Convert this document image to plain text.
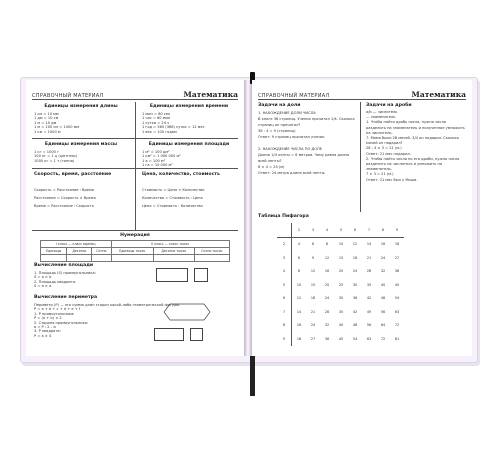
СПРАВОЧНЫЙ МАТЕРИАЛ	Математика
Единицы измерения длины
1 см = 10 мм
1 дм = 10 см
1 м = 10 дм
1 м = 100 см = 1000 мм
1 км = 1000 м
Единицы измерения времени
1 мин = 60 сек
1 час = 60 мин
1 сутки = 24 ч
1 год = 365 (366) суток = 12 мес
1 век = 100 годам
Единицы измерения массы
1 кг = 1000 г
100 кг = 1 ц (центнер)
1000 кг = 1 т (тонна)
Единицы измерения площади
1 м² = 100 дм²
1 км² = 1 000 000 м²
1 а = 100 м²
1 га = 10 000 м²
Скорость, время, расстояние
Скорость = Расстояние : Время
Расстояние = Скорость × Время
Время = Расстояние : Скорость
Цена, количество, стоимость
Стоимость = Цена × Количество
Количество = Стоимость : Цена
Цена = Стоимость : Количество
Нумерация
I класс — класс единиц			II класс — класс тысяч		
Единицы	Десятки	Сотни	Единицы тысяч	Десятки тысяч	Сотни тысяч

Вычисление площади
1. Площадь (S) прямоугольника:
S = a × b
2. Площадь квадрата:
S = a × a
Вычисление периметра
Периметр (P) — это сумма длин сторон какой-либо геометрической фигуры.
P = a + b + c + d + e + f
1. P прямоугольника:
P = (a + b) × 2
2. Сторона прямоугольника:
a = P : 2 – b
3. P квадрата:
P = a × 4
СПРАВОЧНЫЙ МАТЕРИАЛ	Математика
Задачи на доли
1. НАХОЖДЕНИЕ ДОЛИ ЧИСЛА
В книге 36 страниц. Ученик прочитал 1/4. Сколько страниц он прочитал?
36 : 4 = 9 (страниц)
Ответ: 9 страниц прочитал ученик.

2. НАХОЖДЕНИЕ ЧИСЛА ПО ДОЛЕ
Длина 1/4 ленты = 6 метров. Чему равна длина всей ленты?
6 × 4 = 24 (м)
Ответ: 24 метра длина всей ленты.
Задачи на дроби
a/b — числитель
— знаменатель
1. Чтобы найти дробь числа, нужно число разделить на знаменатель и полученное умножить на числитель.
7. Мама было 28 мячей. 3/4 он подарил. Сколько мячей он подарил?
28 : 4 × 3 = 21 (м.)
Ответ: 21 мяч подарил.
2. Чтобы найти число по его дроби, нужно число разделить на числитель и умножить на знаменатель.
7 × 3 = 21 (м.)
Ответ: 21 мяч был у Миши.
Таблица Пифагора
	2	3	4	5	6	7	8	9
2	4	6	8	10	12	14	16	18
3	6	9	12	15	18	21	24	27
4	8	12	16	20	24	28	32	36
5	10	15	20	25	30	35	40	45
6	12	18	24	30	36	42	48	54
7	14	21	28	35	42	49	56	63
8	16	24	32	40	48	56	64	72
9	18	27	36	45	54	63	72	81
